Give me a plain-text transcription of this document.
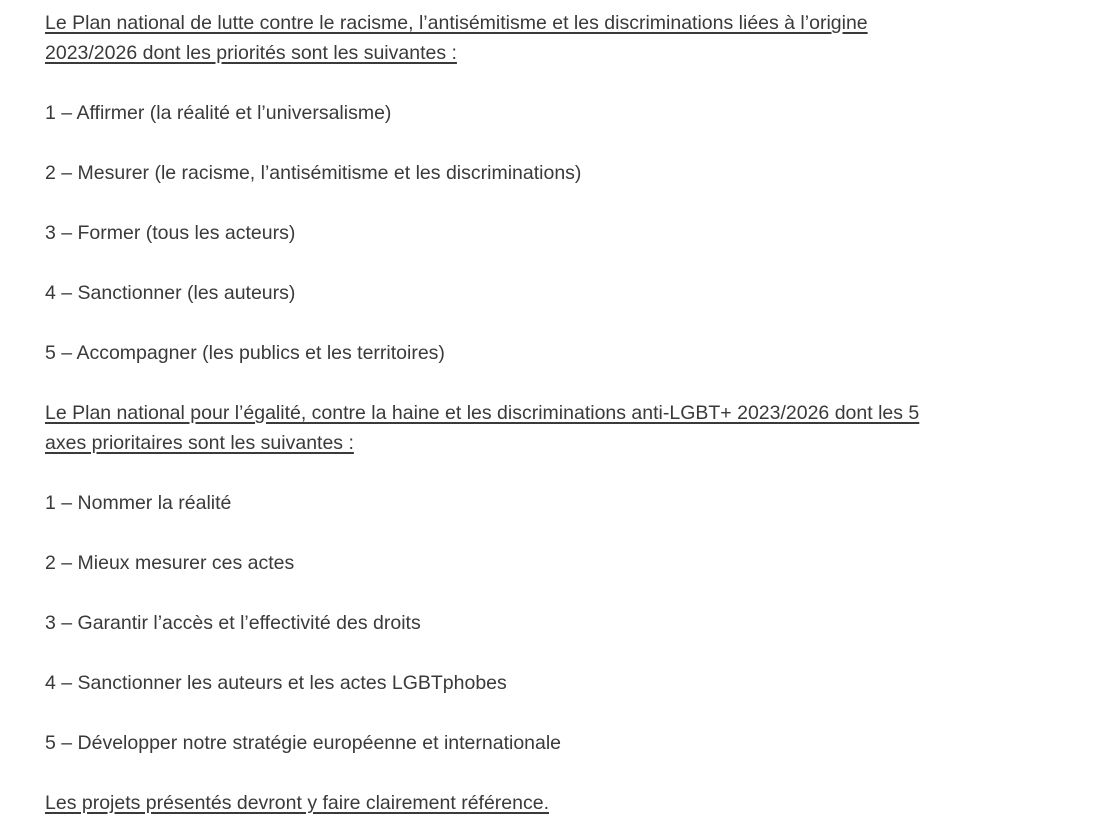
Le Plan national de lutte contre le racisme, l’antisémitisme et les discriminations liées à l’origine
2023/2026 dont les priorités sont les suivantes :
1 – Affirmer (la réalité et l’universalisme)
2 – Mesurer (le racisme, l’antisémitisme et les discriminations)
3 – Former (tous les acteurs)
4 – Sanctionner (les auteurs)
5 – Accompagner (les publics et les territoires)
Le Plan national pour l’égalité, contre la haine et les discriminations anti-LGBT+ 2023/2026 dont les 5
axes prioritaires sont les suivantes :
1 – Nommer la réalité
2 – Mieux mesurer ces actes
3 – Garantir l’accès et l’effectivité des droits
4 – Sanctionner les auteurs et les actes LGBTphobes
5 – Développer notre stratégie européenne et internationale
Les projets présentés devront y faire clairement référence.
